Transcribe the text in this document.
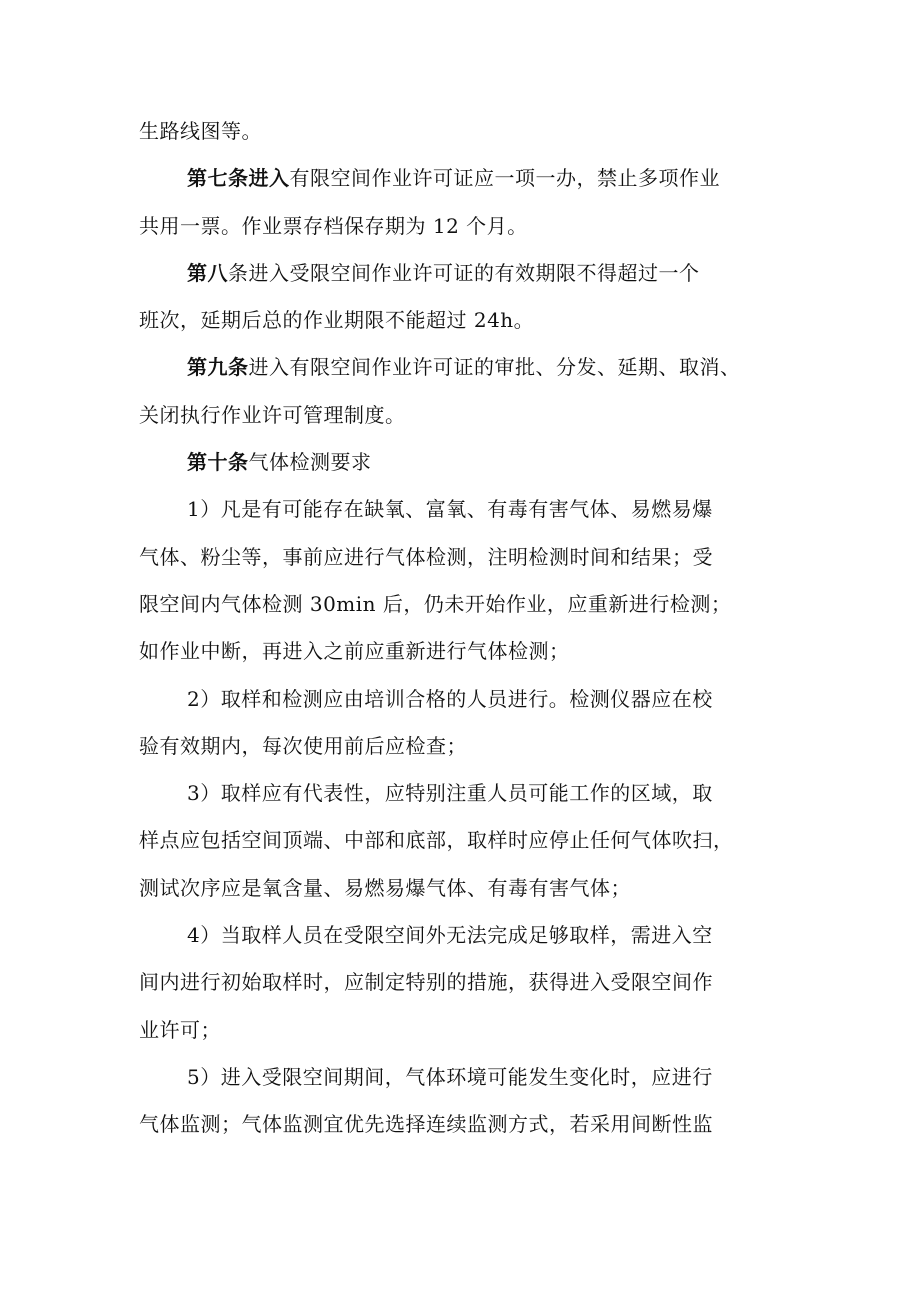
生路线图等。
第七条进入有限空间作业许可证应一项一办，禁止多项作业
共用一票。作业票存档保存期为 12 个月。
第八条进入受限空间作业许可证的有效期限不得超过一个
班次，延期后总的作业期限不能超过 24h。
第九条进入有限空间作业许可证的审批、分发、延期、取消、
关闭执行作业许可管理制度。
第十条气体检测要求
1）凡是有可能存在缺氧、富氧、有毒有害气体、易燃易爆
气体、粉尘等，事前应进行气体检测，注明检测时间和结果；受
限空间内气体检测 30min 后，仍未开始作业，应重新进行检测；
如作业中断，再进入之前应重新进行气体检测；
2）取样和检测应由培训合格的人员进行。检测仪器应在校
验有效期内，每次使用前后应检查；
3）取样应有代表性，应特别注重人员可能工作的区域，取
样点应包括空间顶端、中部和底部，取样时应停止任何气体吹扫，
测试次序应是氧含量、易燃易爆气体、有毒有害气体；
4）当取样人员在受限空间外无法完成足够取样，需进入空
间内进行初始取样时，应制定特别的措施，获得进入受限空间作
业许可；
5）进入受限空间期间，气体环境可能发生变化时，应进行
气体监测；气体监测宜优先选择连续监测方式，若采用间断性监
